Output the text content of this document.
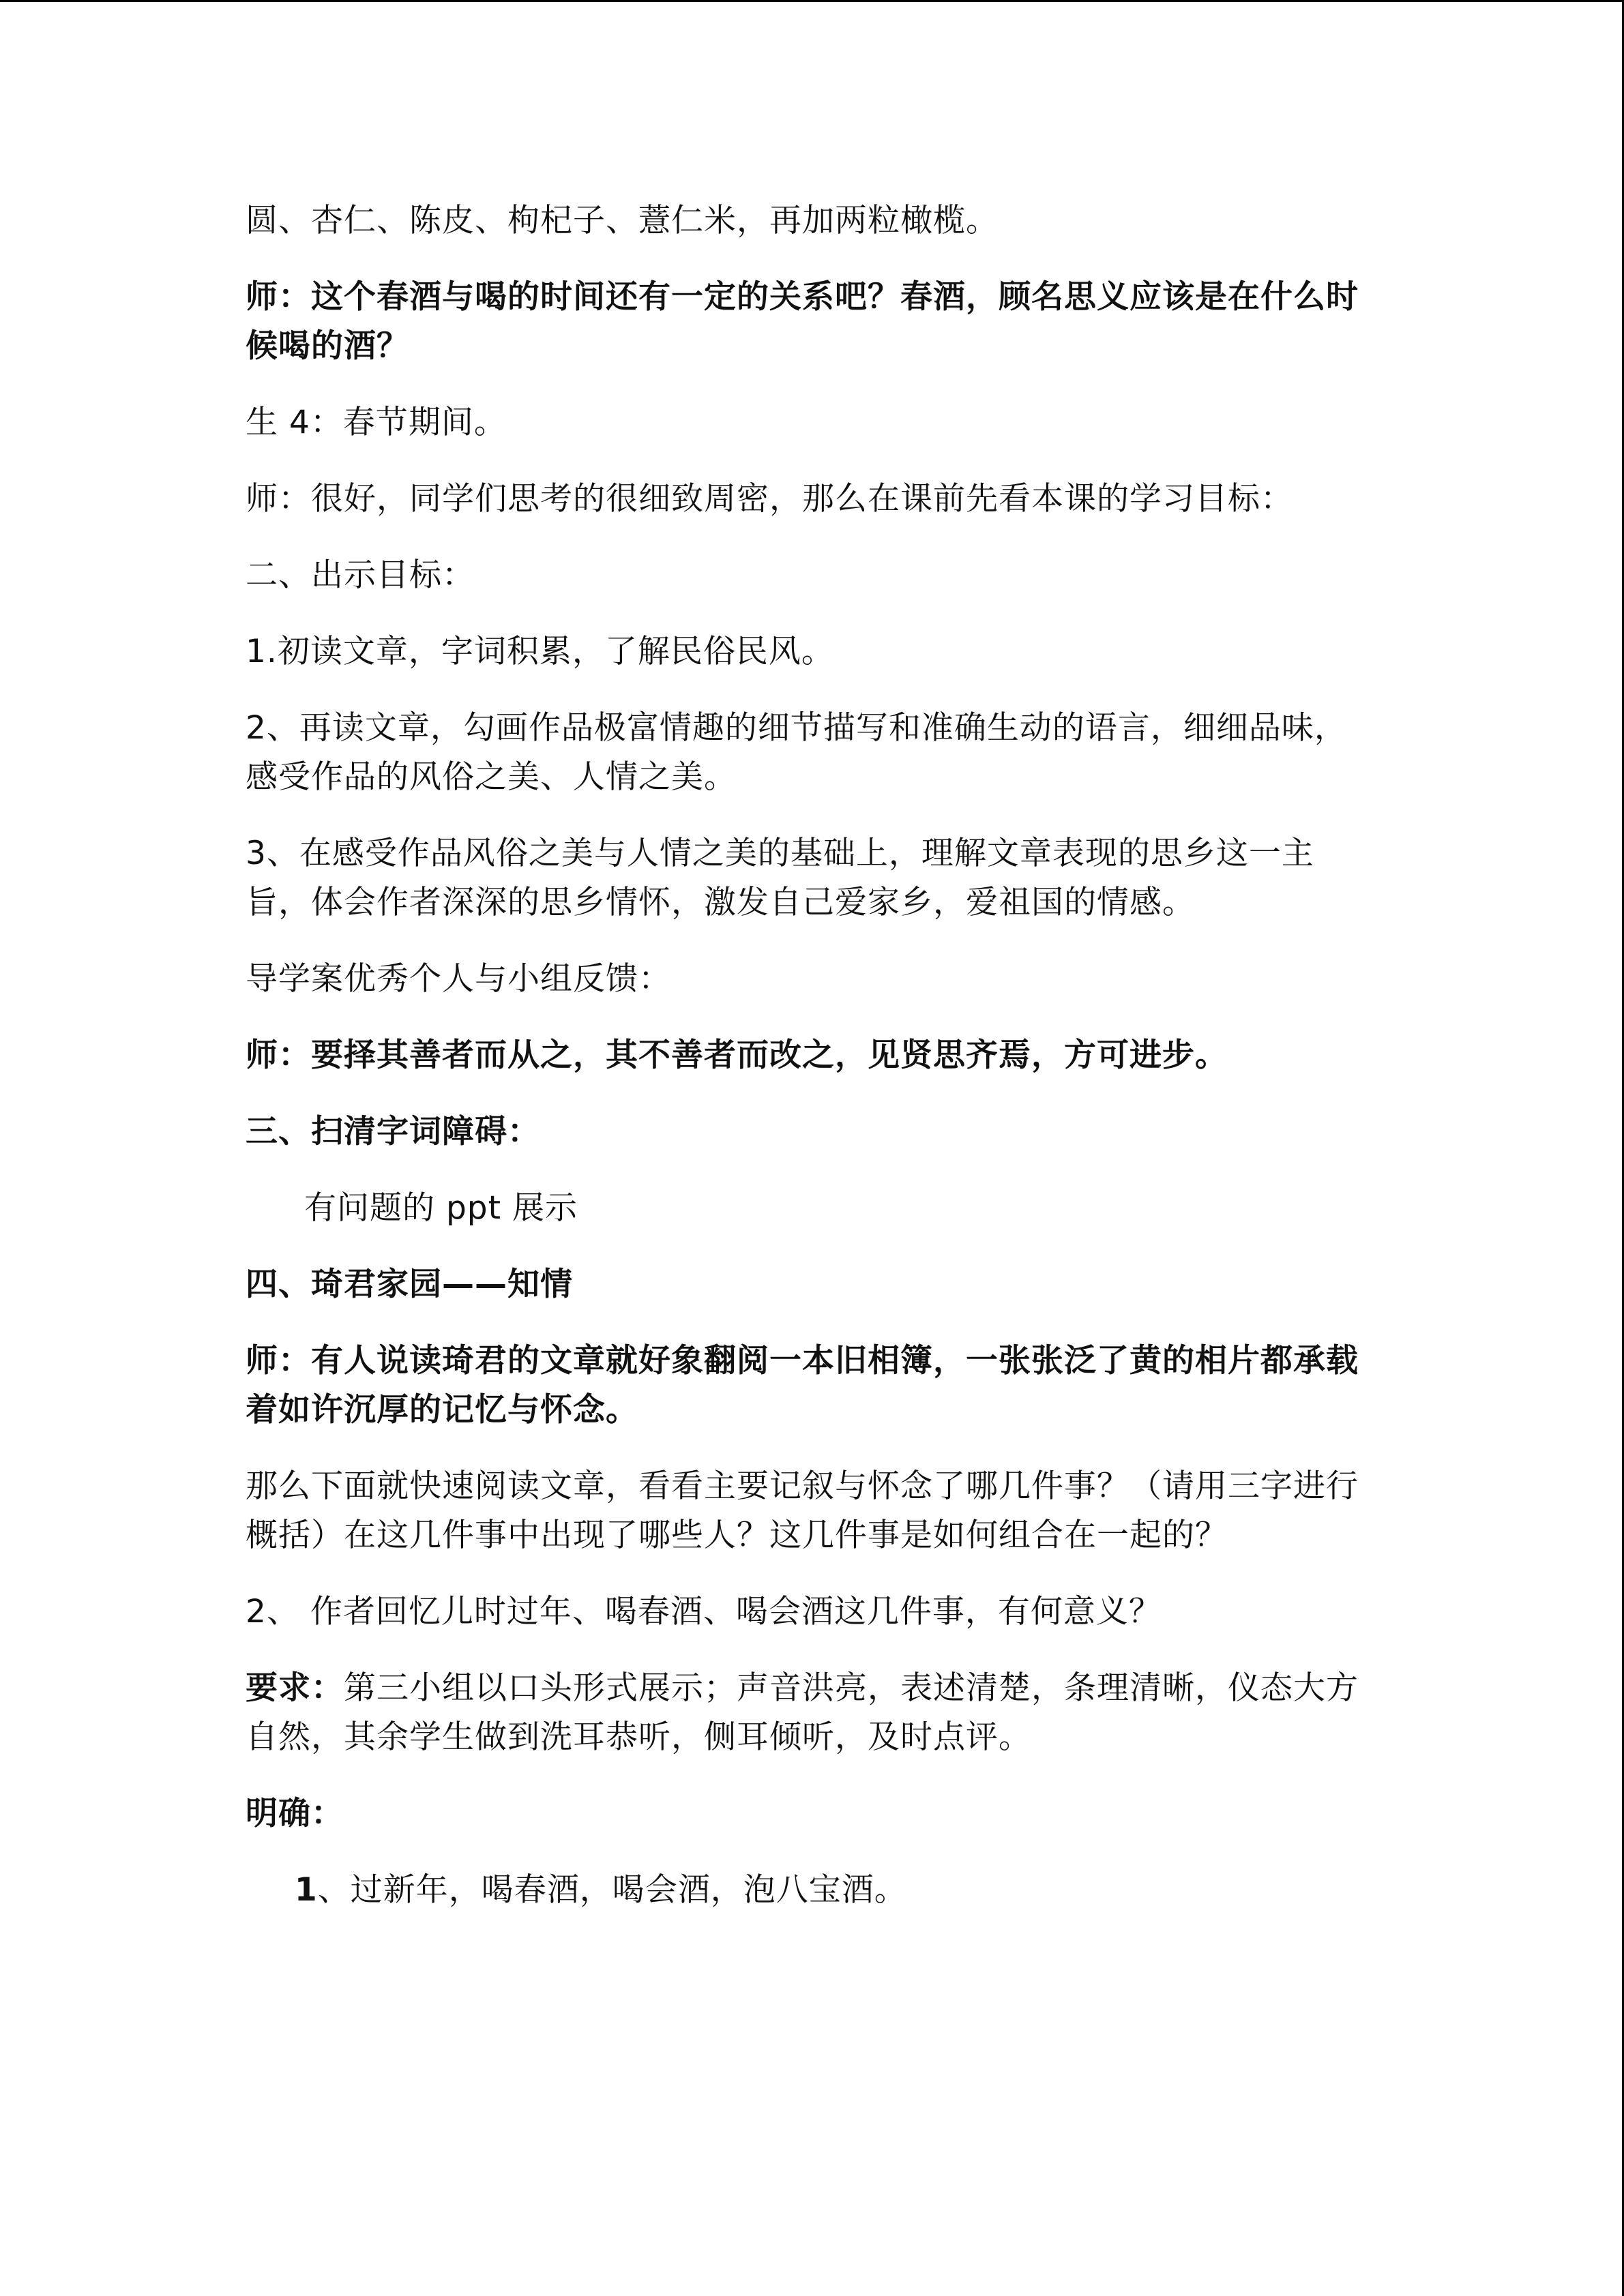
圆、杏仁、陈皮、枸杞子、薏仁米，再加两粒橄榄。

师：这个春酒与喝的时间还有一定的关系吧？春酒，顾名思义应该是在什么时候喝的酒？

生 4：春节期间。

师：很好，同学们思考的很细致周密，那么在课前先看本课的学习目标：

二、出示目标：

1.初读文章，字词积累，了解民俗民风。

2、再读文章，勾画作品极富情趣的细节描写和准确生动的语言，细细品味，感受作品的风俗之美、人情之美。

3、在感受作品风俗之美与人情之美的基础上，理解文章表现的思乡这一主旨，体会作者深深的思乡情怀，激发自己爱家乡，爱祖国的情感。

导学案优秀个人与小组反馈：

师：要择其善者而从之，其不善者而改之，见贤思齐焉，方可进步。

三、扫清字词障碍：

有问题的 ppt 展示

四、琦君家园——知情

师：有人说读琦君的文章就好象翻阅一本旧相簿，一张张泛了黄的相片都承载着如许沉厚的记忆与怀念。

那么下面就快速阅读文章，看看主要记叙与怀念了哪几件事？（请用三字进行概括）在这几件事中出现了哪些人？这几件事是如何组合在一起的？

2、 作者回忆儿时过年、喝春酒、喝会酒这几件事，有何意义？

要求：第三小组以口头形式展示；声音洪亮，表述清楚，条理清晰，仪态大方自然，其余学生做到洗耳恭听，侧耳倾听，及时点评。

明确：

1、过新年，喝春酒，喝会酒，泡八宝酒。
